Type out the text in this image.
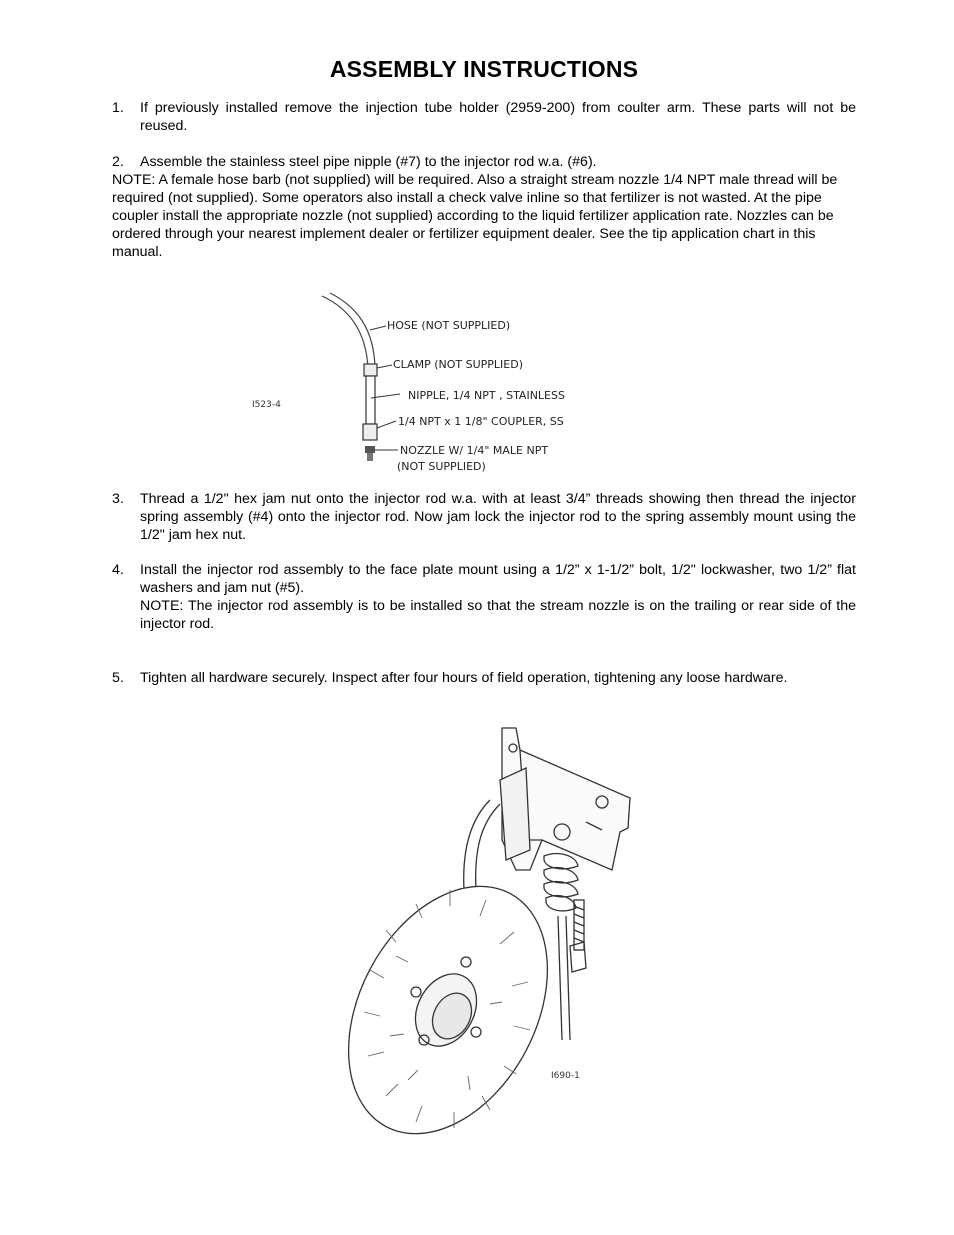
ASSEMBLY INSTRUCTIONS
1.	If previously installed remove the injection tube holder (2959-200) from coulter arm. These parts will not be reused.
2.	Assemble the stainless steel pipe nipple (#7) to the injector rod w.a. (#6).
NOTE: A female hose barb (not supplied) will be required. Also a straight stream nozzle 1/4 NPT male thread will be required (not supplied). Some operators also install a check valve inline so that fertilizer is not wasted. At the pipe coupler install the appropriate nozzle (not supplied) according to the liquid fertilizer application rate. Nozzles can be ordered through your nearest implement dealer or fertilizer equipment dealer. See the tip application chart in this manual.
I523-4
HOSE (NOT SUPPLIED)
CLAMP (NOT SUPPLIED)
NIPPLE, 1/4 NPT , STAINLESS
1/4 NPT x 1 1/8" COUPLER, SS
NOZZLE W/ 1/4" MALE NPT
(NOT SUPPLIED)
3.	Thread a 1/2" hex jam nut onto the injector rod w.a. with at least 3/4” threads showing then thread the injector spring assembly (#4) onto the injector rod. Now jam lock the injector rod to the spring assembly mount using the 1/2" jam hex nut.
4.	Install the injector rod assembly to the face plate mount using a 1/2” x 1-1/2” bolt, 1/2" lockwasher, two 1/2” flat washers and jam nut (#5).
NOTE: The injector rod assembly is to be installed so that the stream nozzle is on the trailing or rear side of the injector rod.
5.	Tighten all hardware securely. Inspect after four hours of field operation, tightening any loose hardware.
I690-1
